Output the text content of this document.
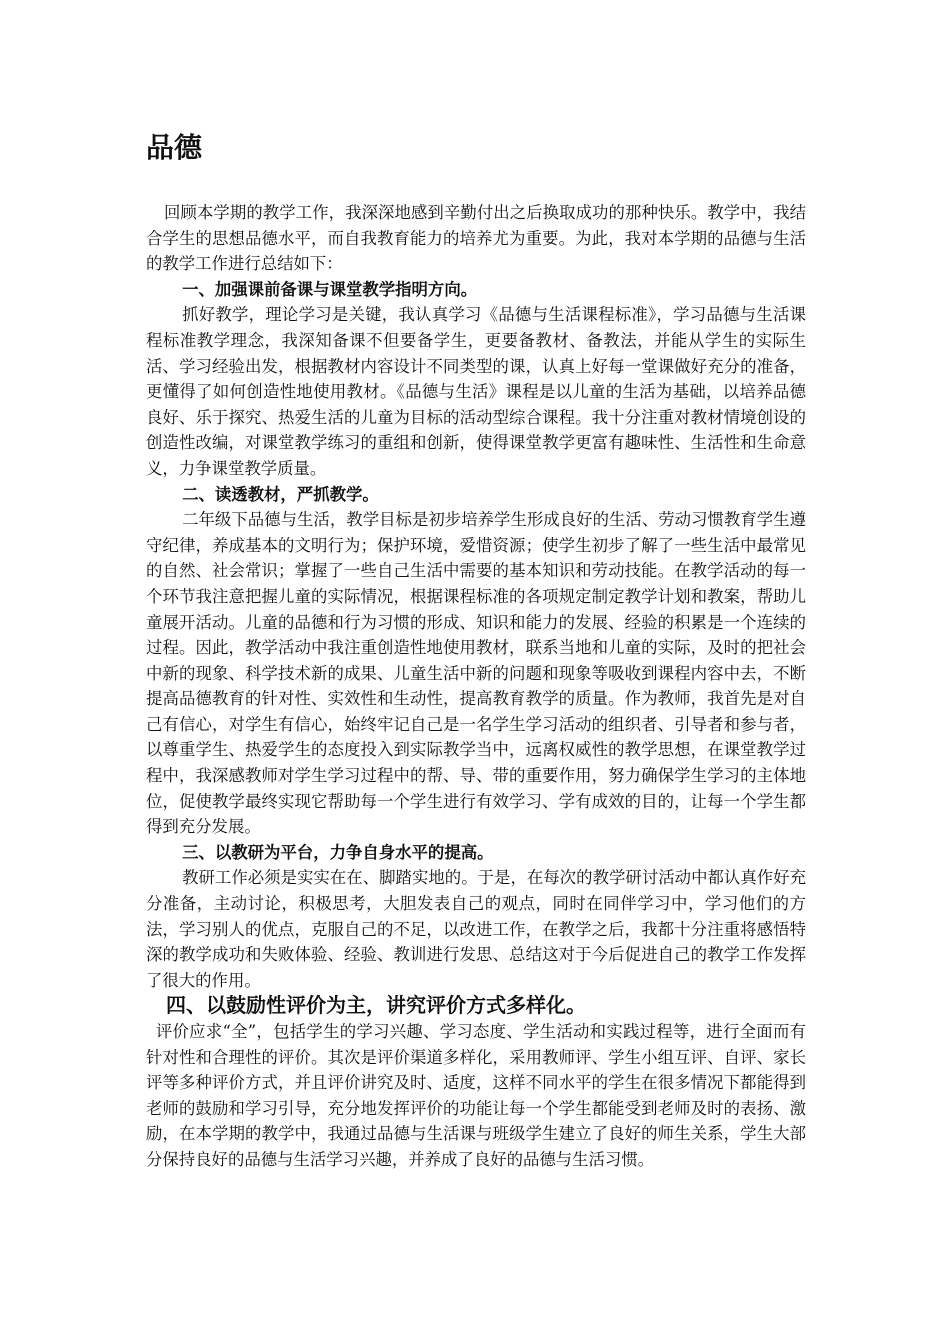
品德

回顾本学期的教学工作，我深深地感到辛勤付出之后换取成功的那种快乐。教学中，我结合学生的思想品德水平，而自我教育能力的培养尤为重要。为此，我对本学期的品德与生活的教学工作进行总结如下：

一、加强课前备课与课堂教学指明方向。

抓好教学，理论学习是关键，我认真学习《品德与生活课程标准》，学习品德与生活课程标准教学理念，我深知备课不但要备学生，更要备教材、备教法，并能从学生的实际生活、学习经验出发，根据教材内容设计不同类型的课，认真上好每一堂课做好充分的准备，更懂得了如何创造性地使用教材。《品德与生活》课程是以儿童的生活为基础，以培养品德良好、乐于探究、热爱生活的儿童为目标的活动型综合课程。我十分注重对教材情境创设的创造性改编，对课堂教学练习的重组和创新，使得课堂教学更富有趣味性、生活性和生命意义，力争课堂教学质量。

二、读透教材，严抓教学。

二年级下品德与生活，教学目标是初步培养学生形成良好的生活、劳动习惯教育学生遵守纪律，养成基本的文明行为；保护环境，爱惜资源；使学生初步了解了一些生活中最常见的自然、社会常识；掌握了一些自己生活中需要的基本知识和劳动技能。在教学活动的每一个环节我注意把握儿童的实际情况，根据课程标准的各项规定制定教学计划和教案，帮助儿童展开活动。儿童的品德和行为习惯的形成、知识和能力的发展、经验的积累是一个连续的过程。因此，教学活动中我注重创造性地使用教材，联系当地和儿童的实际，及时的把社会中新的现象、科学技术新的成果、儿童生活中新的问题和现象等吸收到课程内容中去，不断提高品德教育的针对性、实效性和生动性，提高教育教学的质量。作为教师，我首先是对自己有信心，对学生有信心，始终牢记自己是一名学生学习活动的组织者、引导者和参与者，以尊重学生、热爱学生的态度投入到实际教学当中，远离权威性的教学思想，在课堂教学过程中，我深感教师对学生学习过程中的帮、导、带的重要作用，努力确保学生学习的主体地位，促使教学最终实现它帮助每一个学生进行有效学习、学有成效的目的，让每一个学生都得到充分发展。

三、以教研为平台，力争自身水平的提高。

教研工作必须是实实在在、脚踏实地的。于是，在每次的教学研讨活动中都认真作好充分准备，主动讨论，积极思考，大胆发表自己的观点，同时在同伴学习中，学习他们的方法，学习别人的优点，克服自己的不足，以改进工作，在教学之后，我都十分注重将感悟特深的教学成功和失败体验、经验、教训进行发思、总结这对于今后促进自己的教学工作发挥了很大的作用。

四、以鼓励性评价为主，讲究评价方式多样化。

评价应求“全”，包括学生的学习兴趣、学习态度、学生活动和实践过程等，进行全面而有针对性和合理性的评价。其次是评价渠道多样化，采用教师评、学生小组互评、自评、家长评等多种评价方式，并且评价讲究及时、适度，这样不同水平的学生在很多情况下都能得到老师的鼓励和学习引导，充分地发挥评价的功能让每一个学生都能受到老师及时的表扬、激励，在本学期的教学中，我通过品德与生活课与班级学生建立了良好的师生关系，学生大部分保持良好的品德与生活学习兴趣，并养成了良好的品德与生活习惯。
